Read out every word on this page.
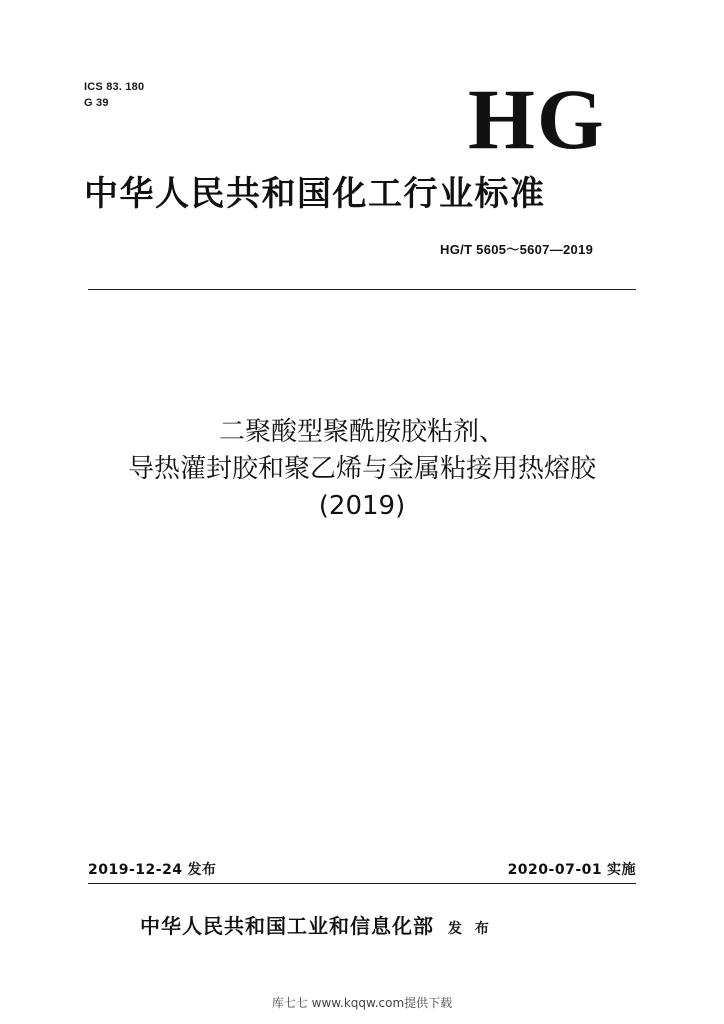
ICS 83. 180
G 39	HG
中华人民共和国化工行业标准
HG/T 5605～5607—2019
二聚酸型聚酰胺胶粘剂、
导热灌封胶和聚乙烯与金属粘接用热熔胶
(2019)
2019-12-24 发布	2020-07-01 实施
中华人民共和国工业和信息化部 发 布
库七七 www.kqqw.com提供下载
